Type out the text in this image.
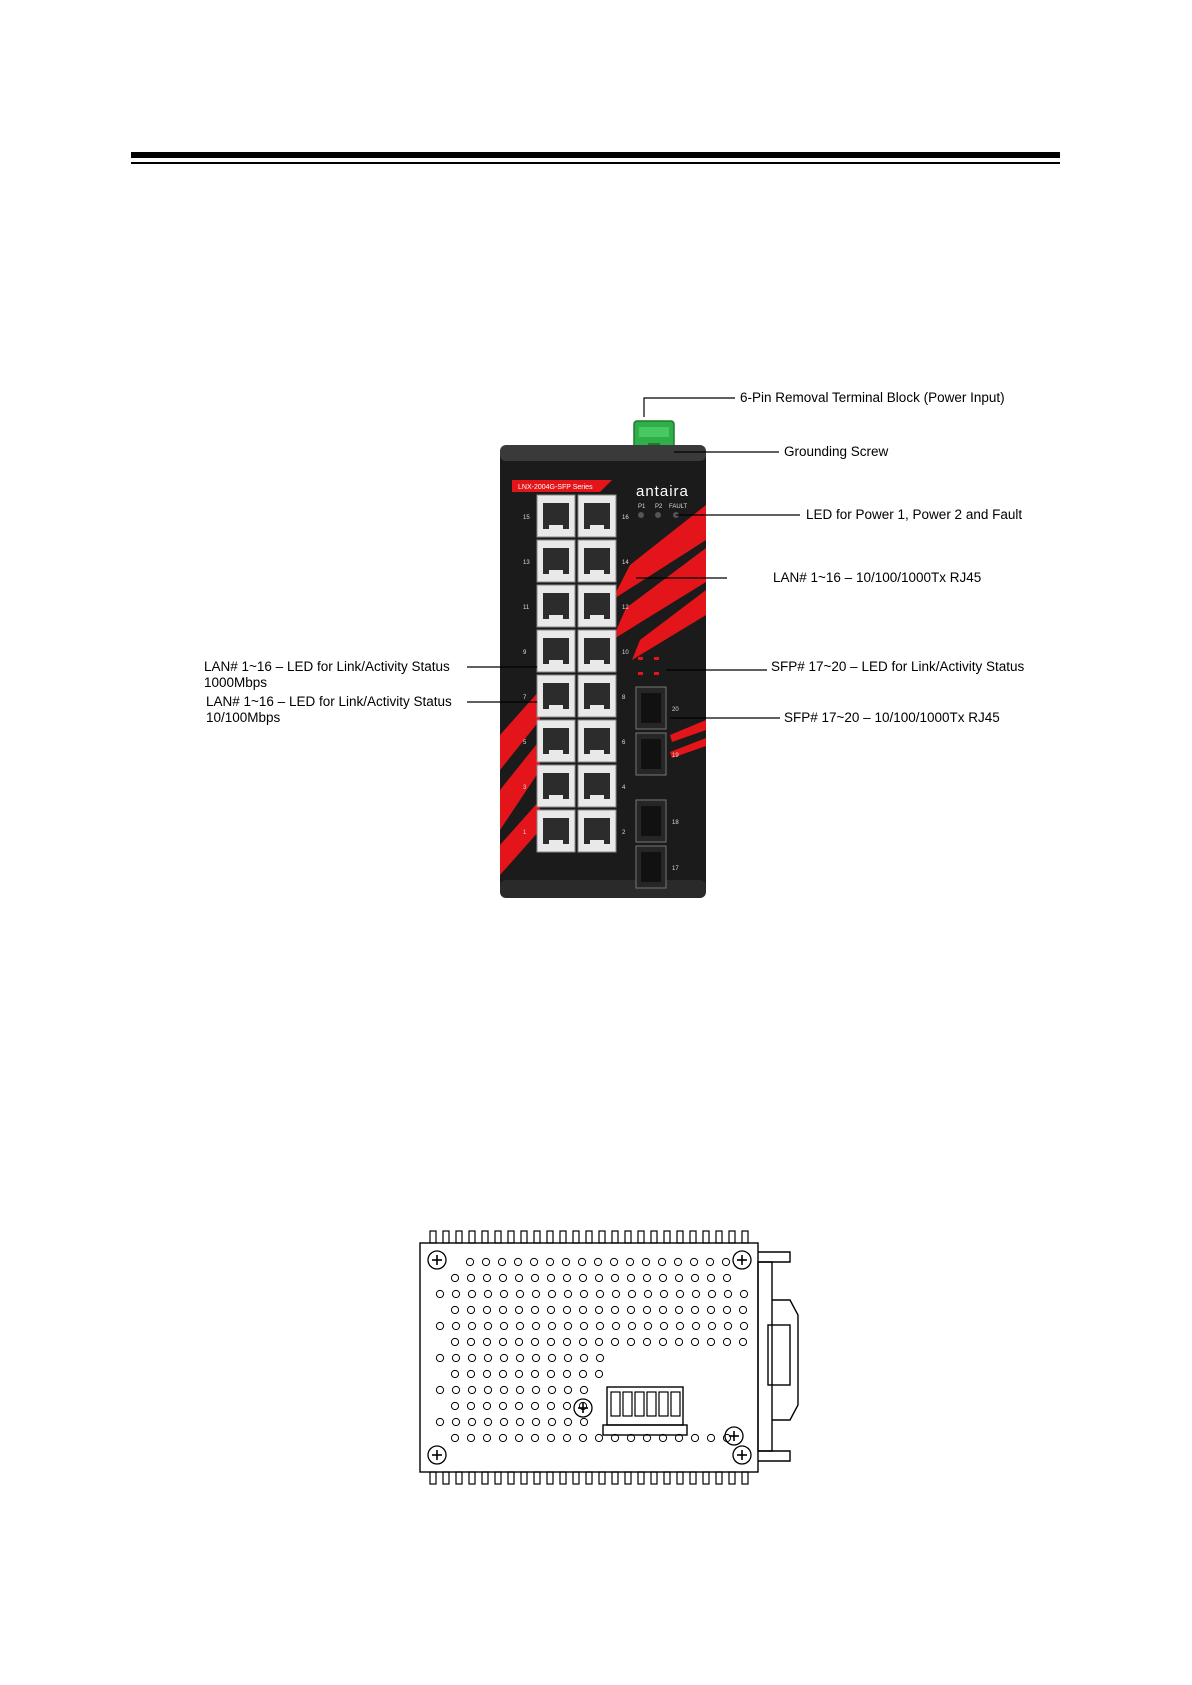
LNX-2004G-SFP Series	antaira
P1 P2 FAULT
15	16
13	14
11	12
9	10
7	8
5	6
3	4
1	2
20
19
18
17
6-Pin Removal Terminal Block (Power Input)
Grounding Screw
LED for Power 1, Power 2 and Fault
LAN# 1~16 – 10/100/1000Tx RJ45
LAN# 1~16 – LED for Link/Activity Status
1000Mbps
LAN# 1~16 – LED for Link/Activity Status
10/100Mbps
SFP# 17~20 – LED for Link/Activity Status
SFP# 17~20 – 10/100/1000Tx RJ45
